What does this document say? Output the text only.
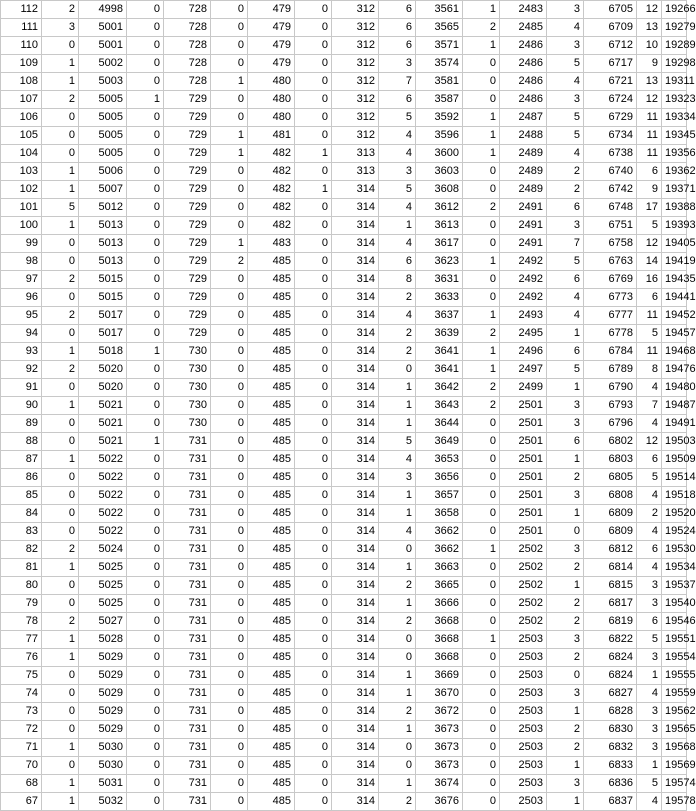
112	2	4998	0	728	0	479	0	312	6	3561	1	2483	3	6705	12	19266
111	3	5001	0	728	0	479	0	312	6	3565	2	2485	4	6709	13	19279
110	0	5001	0	728	0	479	0	312	6	3571	1	2486	3	6712	10	19289
109	1	5002	0	728	0	479	0	312	3	3574	0	2486	5	6717	9	19298
108	1	5003	0	728	1	480	0	312	7	3581	0	2486	4	6721	13	19311
107	2	5005	1	729	0	480	0	312	6	3587	0	2486	3	6724	12	19323
106	0	5005	0	729	0	480	0	312	5	3592	1	2487	5	6729	11	19334
105	0	5005	0	729	1	481	0	312	4	3596	1	2488	5	6734	11	19345
104	0	5005	0	729	1	482	1	313	4	3600	1	2489	4	6738	11	19356
103	1	5006	0	729	0	482	0	313	3	3603	0	2489	2	6740	6	19362
102	1	5007	0	729	0	482	1	314	5	3608	0	2489	2	6742	9	19371
101	5	5012	0	729	0	482	0	314	4	3612	2	2491	6	6748	17	19388
100	1	5013	0	729	0	482	0	314	1	3613	0	2491	3	6751	5	19393
99	0	5013	0	729	1	483	0	314	4	3617	0	2491	7	6758	12	19405
98	0	5013	0	729	2	485	0	314	6	3623	1	2492	5	6763	14	19419
97	2	5015	0	729	0	485	0	314	8	3631	0	2492	6	6769	16	19435
96	0	5015	0	729	0	485	0	314	2	3633	0	2492	4	6773	6	19441
95	2	5017	0	729	0	485	0	314	4	3637	1	2493	4	6777	11	19452
94	0	5017	0	729	0	485	0	314	2	3639	2	2495	1	6778	5	19457
93	1	5018	1	730	0	485	0	314	2	3641	1	2496	6	6784	11	19468
92	2	5020	0	730	0	485	0	314	0	3641	1	2497	5	6789	8	19476
91	0	5020	0	730	0	485	0	314	1	3642	2	2499	1	6790	4	19480
90	1	5021	0	730	0	485	0	314	1	3643	2	2501	3	6793	7	19487
89	0	5021	0	730	0	485	0	314	1	3644	0	2501	3	6796	4	19491
88	0	5021	1	731	0	485	0	314	5	3649	0	2501	6	6802	12	19503
87	1	5022	0	731	0	485	0	314	4	3653	0	2501	1	6803	6	19509
86	0	5022	0	731	0	485	0	314	3	3656	0	2501	2	6805	5	19514
85	0	5022	0	731	0	485	0	314	1	3657	0	2501	3	6808	4	19518
84	0	5022	0	731	0	485	0	314	1	3658	0	2501	1	6809	2	19520
83	0	5022	0	731	0	485	0	314	4	3662	0	2501	0	6809	4	19524
82	2	5024	0	731	0	485	0	314	0	3662	1	2502	3	6812	6	19530
81	1	5025	0	731	0	485	0	314	1	3663	0	2502	2	6814	4	19534
80	0	5025	0	731	0	485	0	314	2	3665	0	2502	1	6815	3	19537
79	0	5025	0	731	0	485	0	314	1	3666	0	2502	2	6817	3	19540
78	2	5027	0	731	0	485	0	314	2	3668	0	2502	2	6819	6	19546
77	1	5028	0	731	0	485	0	314	0	3668	1	2503	3	6822	5	19551
76	1	5029	0	731	0	485	0	314	0	3668	0	2503	2	6824	3	19554
75	0	5029	0	731	0	485	0	314	1	3669	0	2503	0	6824	1	19555
74	0	5029	0	731	0	485	0	314	1	3670	0	2503	3	6827	4	19559
73	0	5029	0	731	0	485	0	314	2	3672	0	2503	1	6828	3	19562
72	0	5029	0	731	0	485	0	314	1	3673	0	2503	2	6830	3	19565
71	1	5030	0	731	0	485	0	314	0	3673	0	2503	2	6832	3	19568
70	0	5030	0	731	0	485	0	314	0	3673	0	2503	1	6833	1	19569
68	1	5031	0	731	0	485	0	314	1	3674	0	2503	3	6836	5	19574
67	1	5032	0	731	0	485	0	314	2	3676	0	2503	1	6837	4	19578
